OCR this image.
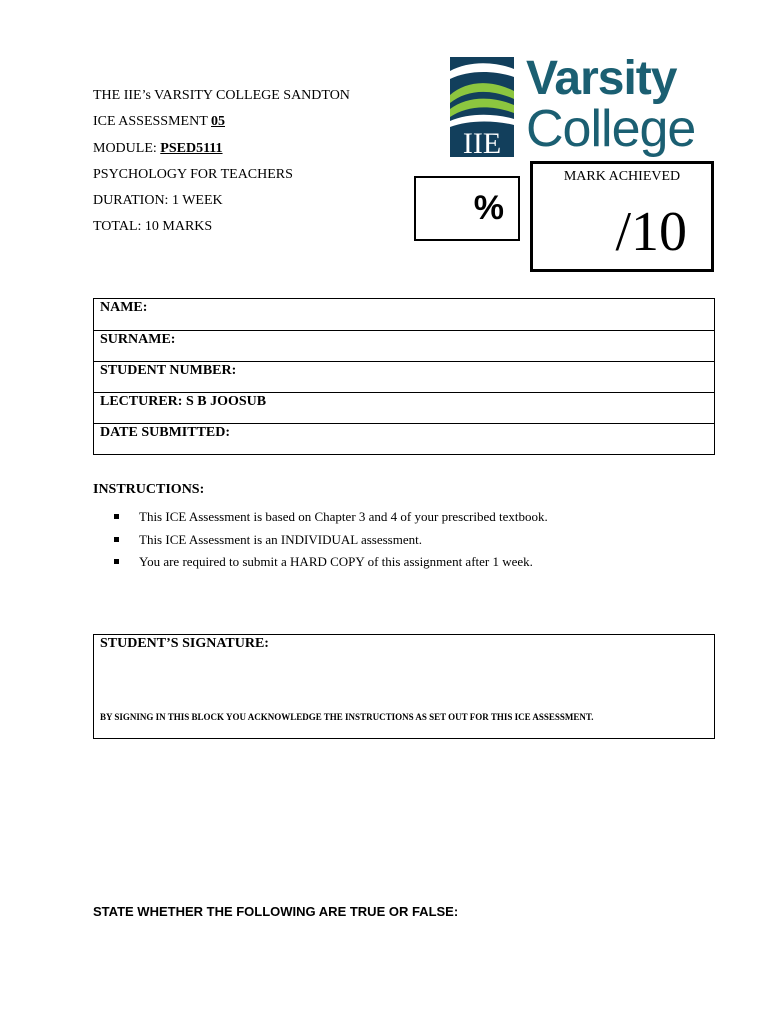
THE IIE’s VARSITY COLLEGE SANDTON
ICE ASSESSMENT 05
MODULE: PSED5111
PSYCHOLOGY FOR TEACHERS
DURATION: 1 WEEK
TOTAL: 10 MARKS
IIE
Varsity
College
%
MARK ACHIEVED
/10
NAME:
SURNAME:
STUDENT NUMBER:
LECTURER: S B JOOSUB
DATE SUBMITTED:
INSTRUCTIONS:
This ICE Assessment is based on Chapter 3 and 4 of your prescribed textbook.
This ICE Assessment is an INDIVIDUAL assessment.
You are required to submit a HARD COPY of this assignment after 1 week.
STUDENT’S SIGNATURE:
BY SIGNING IN THIS BLOCK YOU ACKNOWLEDGE THE INSTRUCTIONS AS SET OUT FOR THIS ICE ASSESSMENT.
STATE WHETHER THE FOLLOWING ARE TRUE OR FALSE:
